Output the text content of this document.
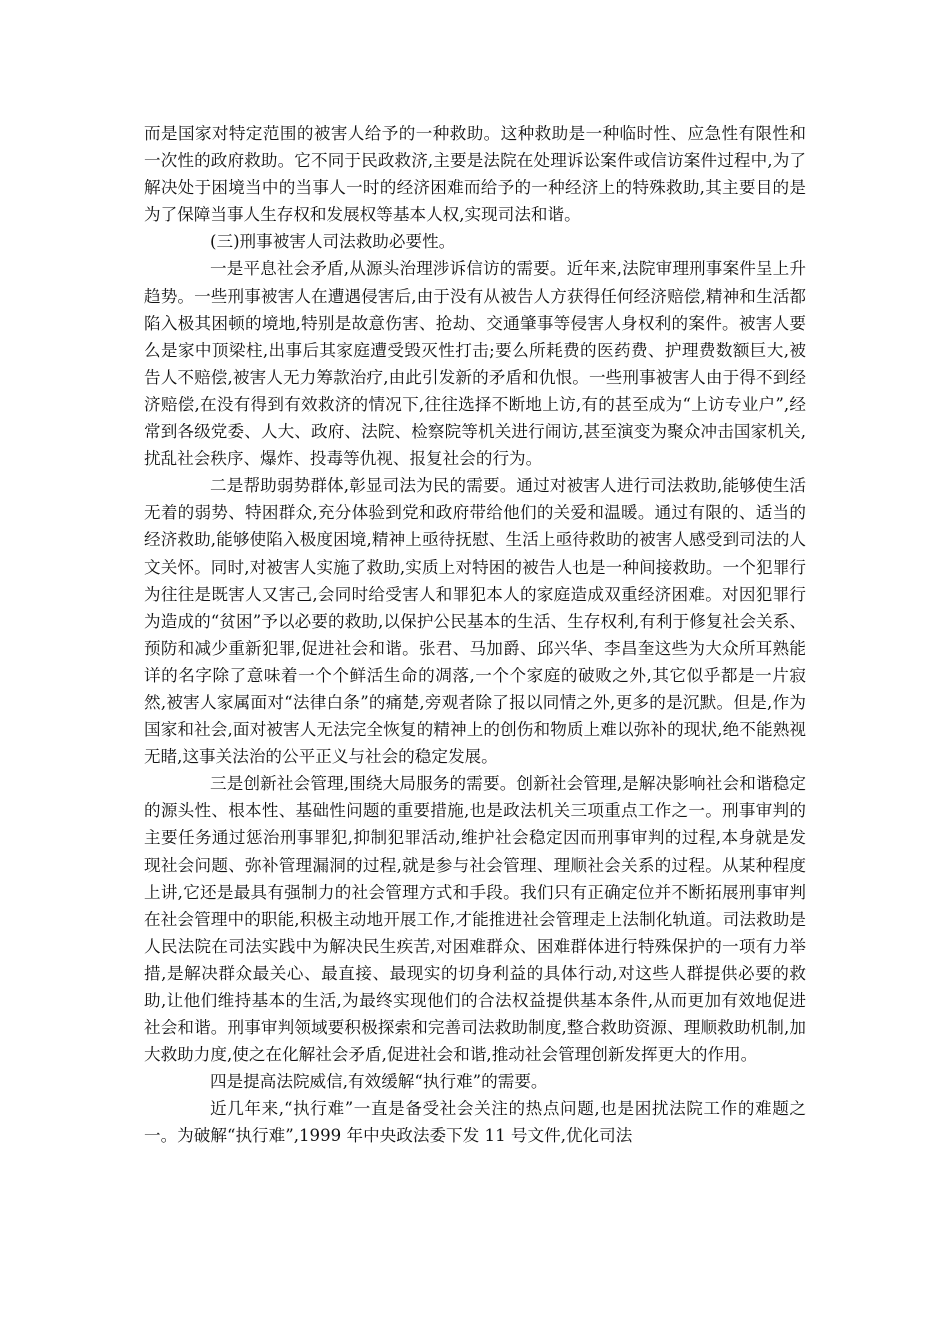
而是国家对特定范围的被害人给予的一种救助。这种救助是一种临时性、应急性有限性和一次性的政府救助。它不同于民政救济,主要是法院在处理诉讼案件或信访案件过程中,为了解决处于困境当中的当事人一时的经济困难而给予的一种经济上的特殊救助,其主要目的是为了保障当事人生存权和发展权等基本人权,实现司法和谐。

(三)刑事被害人司法救助必要性。

一是平息社会矛盾,从源头治理涉诉信访的需要。近年来,法院审理刑事案件呈上升趋势。一些刑事被害人在遭遇侵害后,由于没有从被告人方获得任何经济赔偿,精神和生活都陷入极其困顿的境地,特别是故意伤害、抢劫、交通肇事等侵害人身权利的案件。被害人要么是家中顶梁柱,出事后其家庭遭受毁灭性打击;要么所耗费的医药费、护理费数额巨大,被告人不赔偿,被害人无力筹款治疗,由此引发新的矛盾和仇恨。一些刑事被害人由于得不到经济赔偿,在没有得到有效救济的情况下,往往选择不断地上访,有的甚至成为“上访专业户”,经常到各级党委、人大、政府、法院、检察院等机关进行闹访,甚至演变为聚众冲击国家机关,扰乱社会秩序、爆炸、投毒等仇视、报复社会的行为。

二是帮助弱势群体,彰显司法为民的需要。通过对被害人进行司法救助,能够使生活无着的弱势、特困群众,充分体验到党和政府带给他们的关爱和温暖。通过有限的、适当的经济救助,能够使陷入极度困境,精神上亟待抚慰、生活上亟待救助的被害人感受到司法的人文关怀。同时,对被害人实施了救助,实质上对特困的被告人也是一种间接救助。一个犯罪行为往往是既害人又害己,会同时给受害人和罪犯本人的家庭造成双重经济困难。对因犯罪行为造成的“贫困”予以必要的救助,以保护公民基本的生活、生存权利,有利于修复社会关系、预防和减少重新犯罪,促进社会和谐。张君、马加爵、邱兴华、李昌奎这些为大众所耳熟能详的名字除了意味着一个个鲜活生命的凋落,一个个家庭的破败之外,其它似乎都是一片寂然,被害人家属面对“法律白条”的痛楚,旁观者除了报以同情之外,更多的是沉默。但是,作为国家和社会,面对被害人无法完全恢复的精神上的创伤和物质上难以弥补的现状,绝不能熟视无睹,这事关法治的公平正义与社会的稳定发展。

三是创新社会管理,围绕大局服务的需要。创新社会管理,是解决影响社会和谐稳定的源头性、根本性、基础性问题的重要措施,也是政法机关三项重点工作之一。刑事审判的主要任务通过惩治刑事罪犯,抑制犯罪活动,维护社会稳定因而刑事审判的过程,本身就是发现社会问题、弥补管理漏洞的过程,就是参与社会管理、理顺社会关系的过程。从某种程度上讲,它还是最具有强制力的社会管理方式和手段。我们只有正确定位并不断拓展刑事审判在社会管理中的职能,积极主动地开展工作,才能推进社会管理走上法制化轨道。司法救助是人民法院在司法实践中为解决民生疾苦,对困难群众、困难群体进行特殊保护的一项有力举措,是解决群众最关心、最直接、最现实的切身利益的具体行动,对这些人群提供必要的救助,让他们维持基本的生活,为最终实现他们的合法权益提供基本条件,从而更加有效地促进社会和谐。刑事审判领域要积极探索和完善司法救助制度,整合救助资源、理顺救助机制,加大救助力度,使之在化解社会矛盾,促进社会和谐,推动社会管理创新发挥更大的作用。

四是提高法院威信,有效缓解“执行难”的需要。

近几年来,“执行难”一直是备受社会关注的热点问题,也是困扰法院工作的难题之一。为破解“执行难”,1999 年中央政法委下发 11 号文件,优化司法
